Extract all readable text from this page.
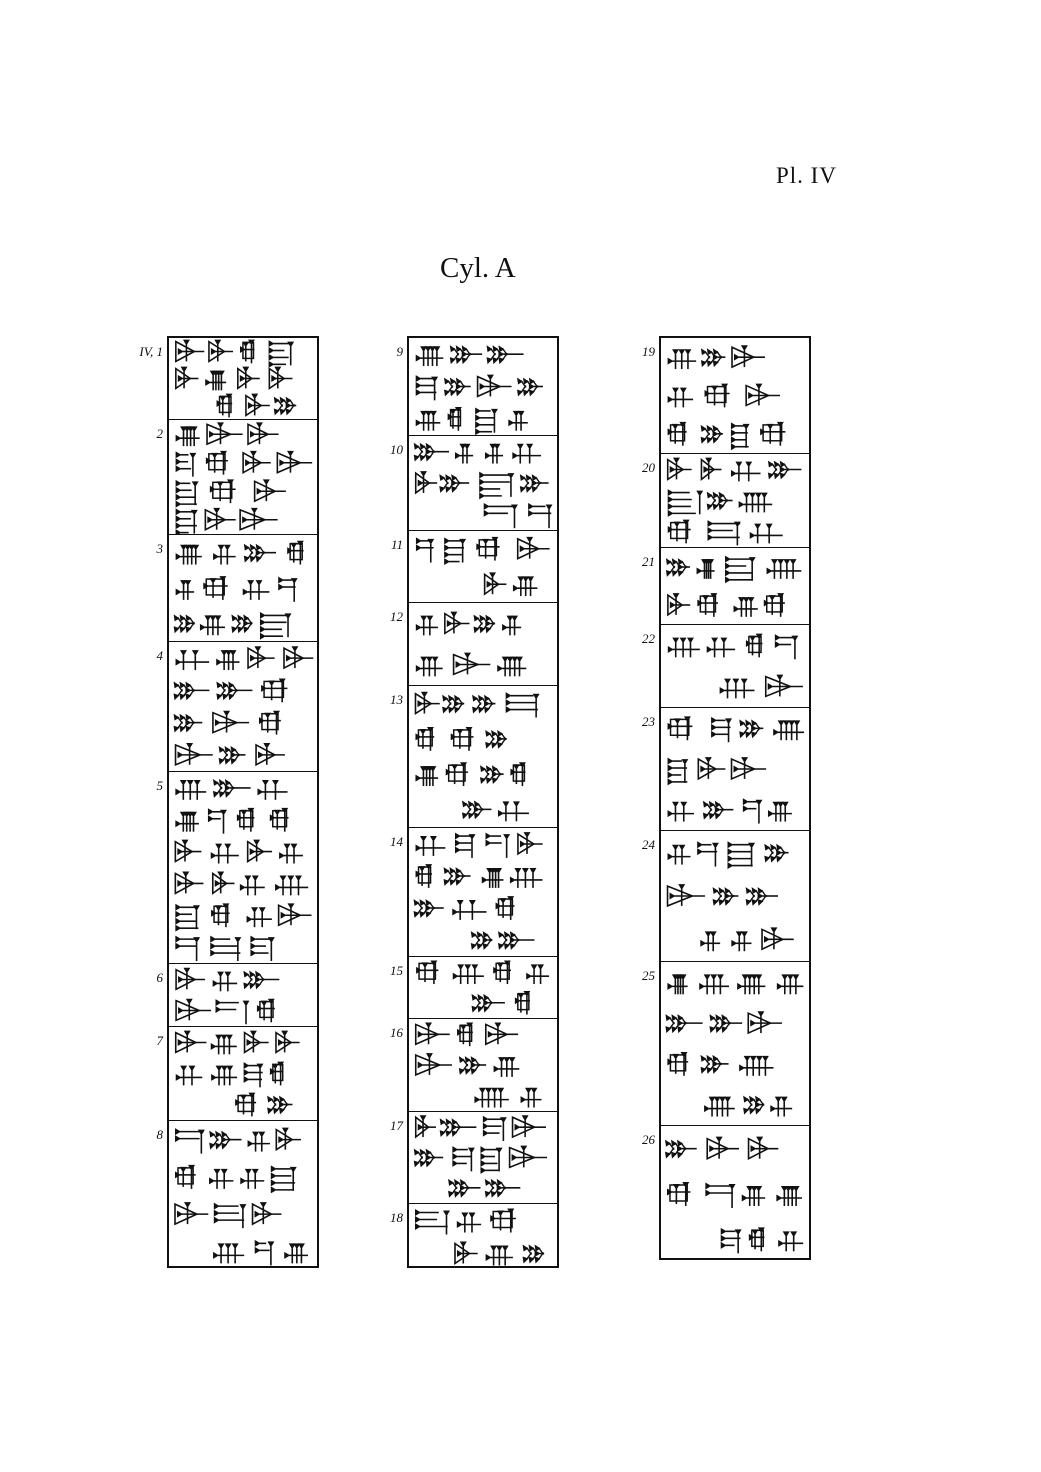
Pl. IV
Cyl. A
IV, 1
2
3
4
5
6
7
8
9
10
11
12
13
14
15
16
17
18
19
20
21
22
23
24
25
26
